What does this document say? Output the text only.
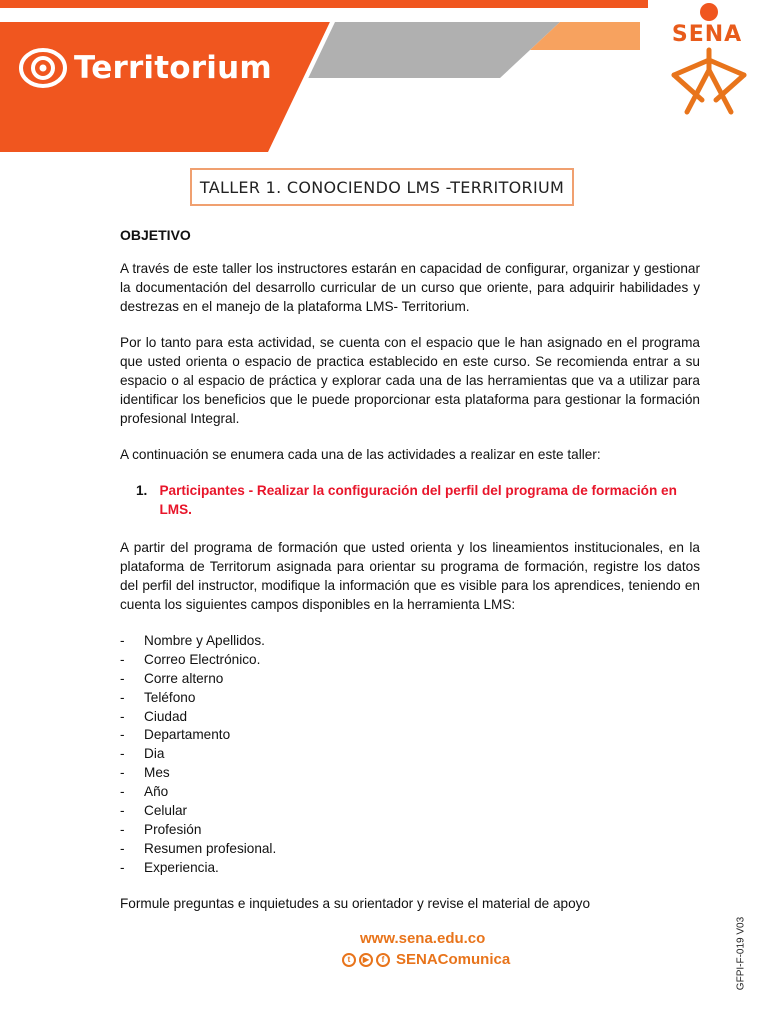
Territorium
SENA
TALLER 1. CONOCIENDO LMS -TERRITORIUM
OBJETIVO

A través de este taller los instructores estarán en capacidad de configurar, organizar y gestionar la documentación del desarrollo curricular de un curso que oriente, para adquirir habilidades y destrezas en el manejo de la plataforma LMS- Territorium.

Por lo tanto para esta actividad, se cuenta con el espacio que le han asignado en el programa que usted orienta o espacio de practica establecido en este curso. Se recomienda entrar a su espacio o al espacio de práctica y explorar cada una de las herramientas que va a utilizar para identificar los beneficios que le puede proporcionar esta plataforma para gestionar la formación profesional Integral.

A continuación se enumera cada una de las actividades a realizar en este taller:

1. Participantes - Realizar la configuración del perfil del programa de formación en LMS.

A partir del programa de formación que usted orienta y los lineamientos institucionales, en la plataforma de Territorum asignada para orientar su programa de formación, registre los datos del perfil del instructor, modifique la información que es visible para los aprendices, teniendo en cuenta los siguientes campos disponibles en la herramienta LMS:

-	Nombre y Apellidos.
-	Correo Electrónico.
-	Corre alterno
-	Teléfono
-	Ciudad
-	Departamento
-	Dia
-	Mes
-	Año
-	Celular
-	Profesión
-	Resumen profesional.
-	Experiencia.

Formule preguntas e inquietudes a su orientador y revise el material de apoyo

www.sena.edu.co
t	▶	f SENAComunica	GFPI-F-019 V03
